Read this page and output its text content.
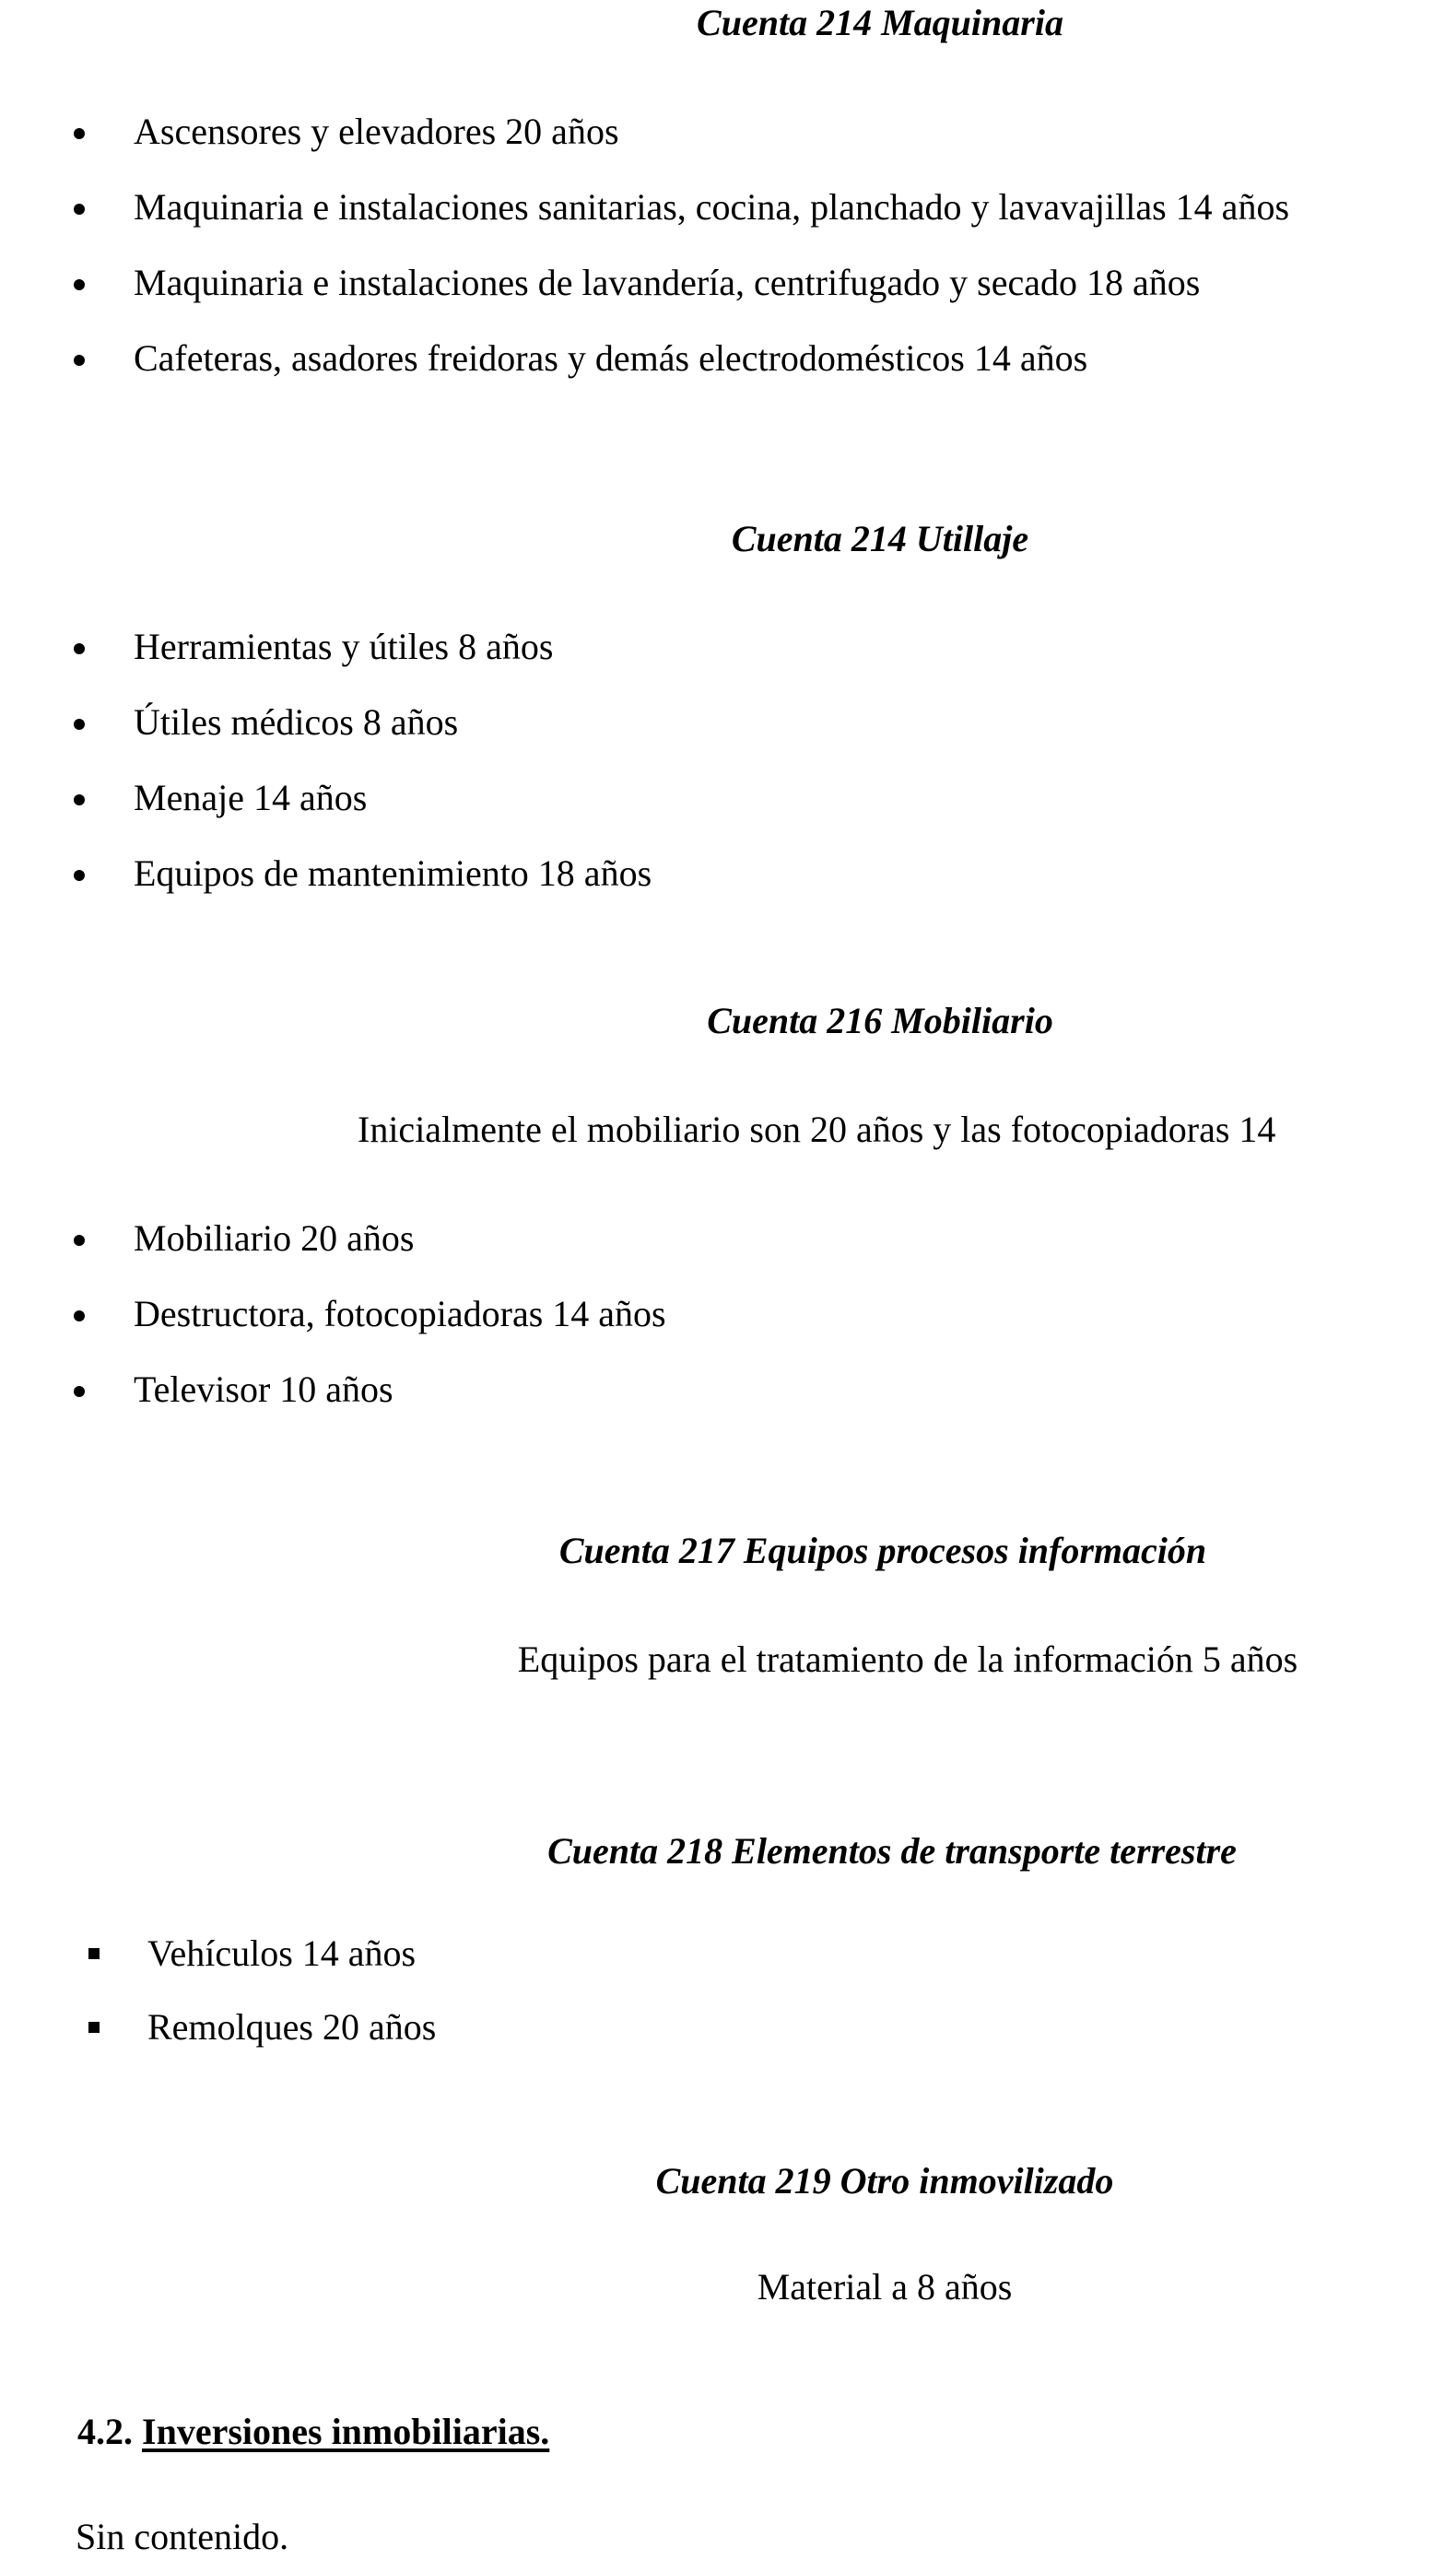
Cuenta 214 Maquinaria
Ascensores y elevadores 20 años
Maquinaria e instalaciones sanitarias, cocina, planchado y lavavajillas 14 años
Maquinaria e instalaciones de lavandería, centrifugado y secado 18 años
Cafeteras, asadores freidoras y demás electrodomésticos 14 años
Cuenta 214 Utillaje
Herramientas y útiles 8 años
Útiles médicos 8 años
Menaje 14 años
Equipos de mantenimiento 18 años
Cuenta 216 Mobiliario
Inicialmente el mobiliario son 20 años y las fotocopiadoras 14
Mobiliario 20 años
Destructora, fotocopiadoras 14 años
Televisor 10 años
Cuenta 217 Equipos procesos información
Equipos para el tratamiento de la información 5 años
Cuenta 218 Elementos de transporte terrestre
Vehículos 14 años
Remolques 20 años
Cuenta 219 Otro inmovilizado
Material a 8 años
4.2. Inversiones inmobiliarias.
Sin contenido.
